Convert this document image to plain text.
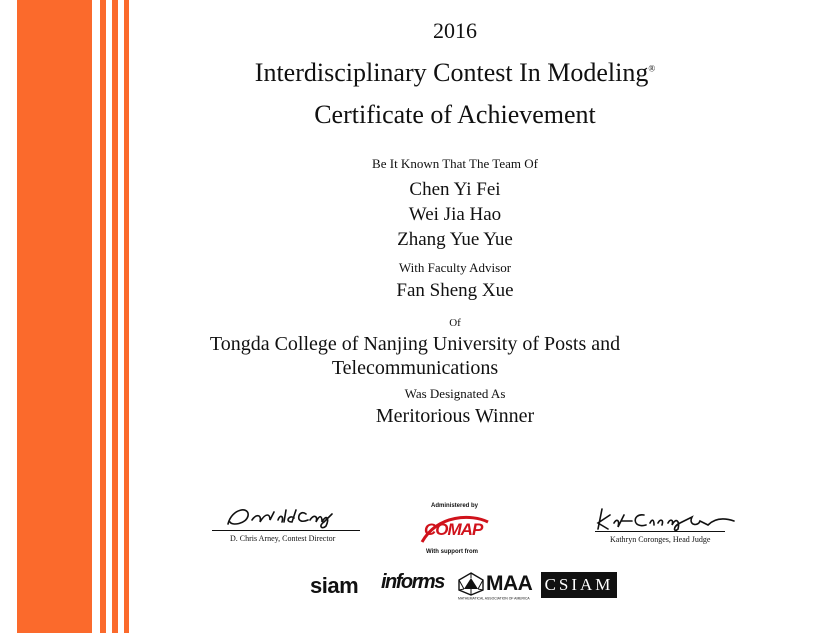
2016
Interdisciplinary Contest In Modeling®
Certificate of Achievement
Be It Known That The Team Of
Chen Yi Fei
Wei Jia Hao
Zhang Yue Yue
With Faculty Advisor
Fan Sheng Xue
Of
Tongda College of Nanjing University of Posts and
Telecommunications
Was Designated As
Meritorious Winner
D. Chris Arney, Contest Director
Administered by
COMAP
With support from
Kathryn Coronges, Head Judge
siam informs MAA
MATHEMATICAL ASSOCIATION OF AMERICA
CSIAM
